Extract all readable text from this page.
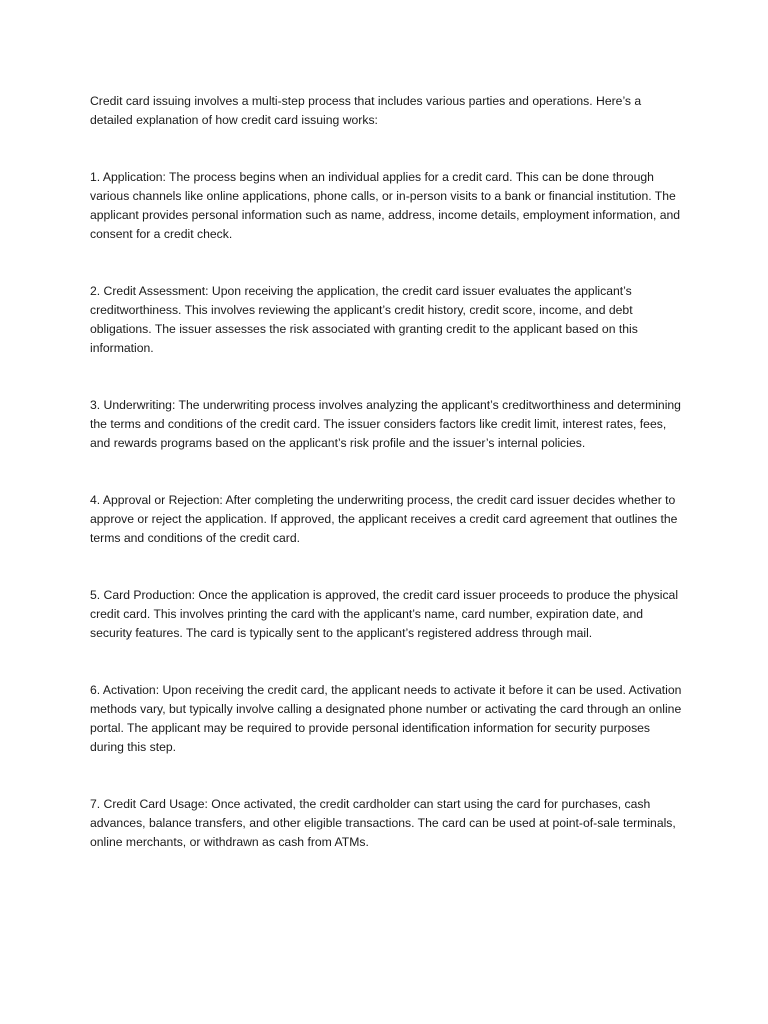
Credit card issuing involves a multi-step process that includes various parties and operations. Here’s a detailed explanation of how credit card issuing works:

1. Application: The process begins when an individual applies for a credit card. This can be done through various channels like online applications, phone calls, or in-person visits to a bank or financial institution. The applicant provides personal information such as name, address, income details, employment information, and consent for a credit check.

2. Credit Assessment: Upon receiving the application, the credit card issuer evaluates the applicant’s creditworthiness. This involves reviewing the applicant’s credit history, credit score, income, and debt obligations. The issuer assesses the risk associated with granting credit to the applicant based on this information.

3. Underwriting: The underwriting process involves analyzing the applicant’s creditworthiness and determining the terms and conditions of the credit card. The issuer considers factors like credit limit, interest rates, fees, and rewards programs based on the applicant’s risk profile and the issuer’s internal policies.

4. Approval or Rejection: After completing the underwriting process, the credit card issuer decides whether to approve or reject the application. If approved, the applicant receives a credit card agreement that outlines the terms and conditions of the credit card.

5. Card Production: Once the application is approved, the credit card issuer proceeds to produce the physical credit card. This involves printing the card with the applicant’s name, card number, expiration date, and security features. The card is typically sent to the applicant’s registered address through mail.

6. Activation: Upon receiving the credit card, the applicant needs to activate it before it can be used. Activation methods vary, but typically involve calling a designated phone number or activating the card through an online portal. The applicant may be required to provide personal identification information for security purposes during this step.

7. Credit Card Usage: Once activated, the credit cardholder can start using the card for purchases, cash advances, balance transfers, and other eligible transactions. The card can be used at point-of-sale terminals, online merchants, or withdrawn as cash from ATMs.
